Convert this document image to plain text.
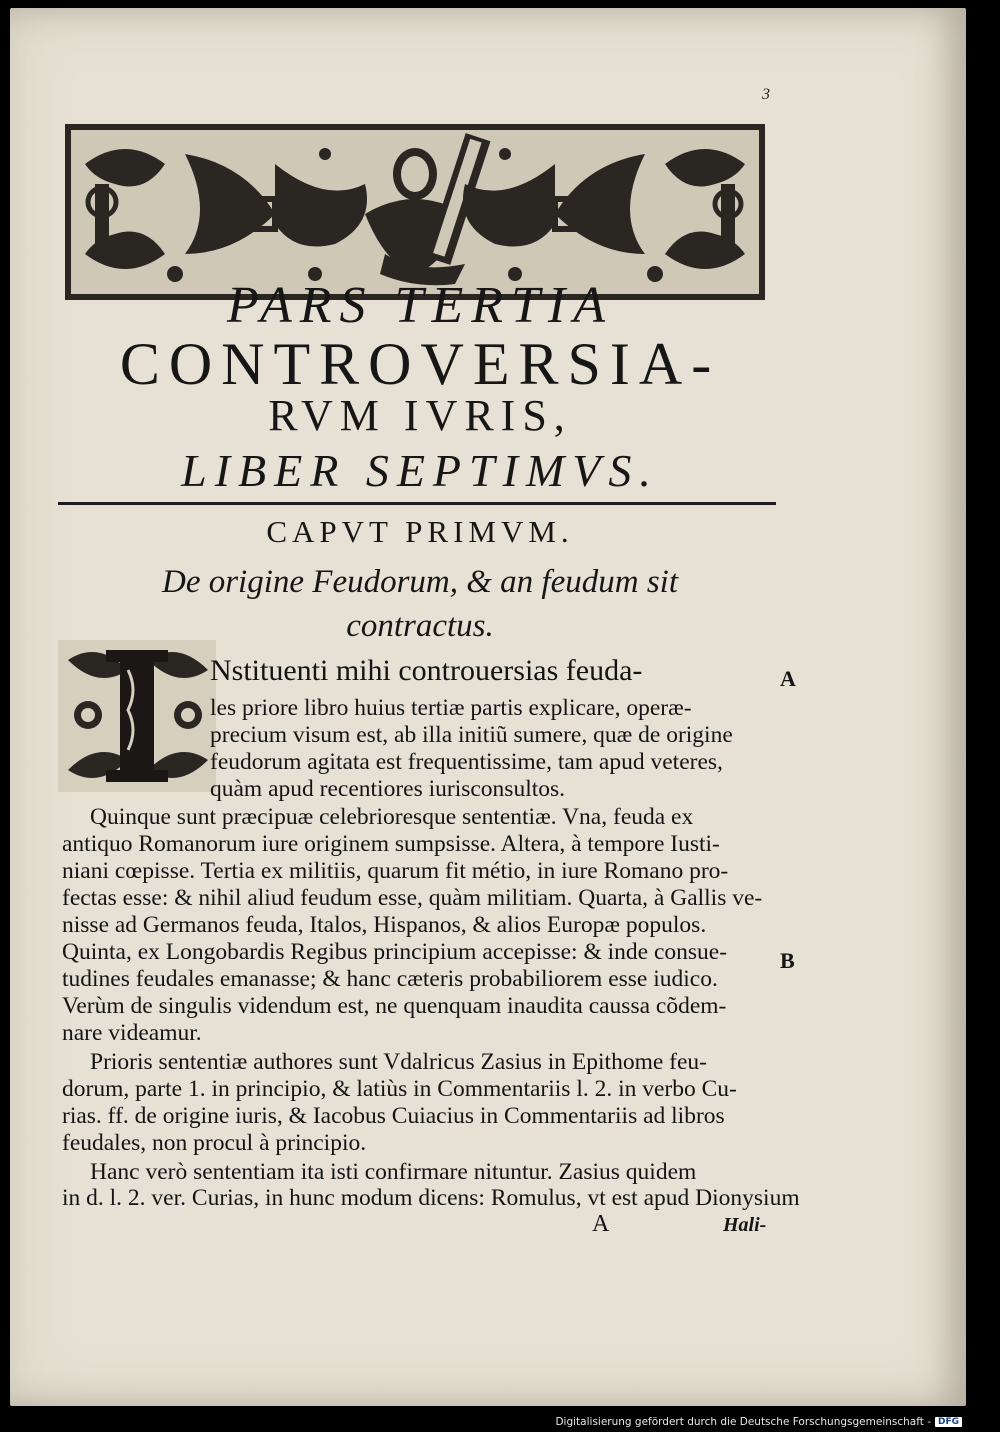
3
PARS TERTIA
CONTROVERSIA-
RVM IVRIS,
LIBER SEPTIMVS.
CAPVT PRIMVM.
De origine Feudorum, & an feudum sit
contractus.
Nstituenti mihi controuersias feuda-
les priore libro huius tertiæ partis explicare, operæ-
precium visum est, ab illa initiũ sumere, quæ de origine
feudorum agitata est frequentissime, tam apud veteres,
quàm apud recentiores iurisconsultos.
Quinque sunt præcipuæ celebrioresque sententiæ. Vna, feuda ex
antiquo Romanorum iure originem sumpsisse. Altera, à tempore Iusti-
niani cœpisse. Tertia ex militiis, quarum fit métio, in iure Romano pro-
fectas esse: & nihil aliud feudum esse, quàm militiam. Quarta, à Gallis ve-
nisse ad Germanos feuda, Italos, Hispanos, & alios Europæ populos.
Quinta, ex Longobardis Regibus principium accepisse: & inde consue-
tudines feudales emanasse; & hanc cæteris probabiliorem esse iudico.
Verùm de singulis videndum est, ne quenquam inaudita caussa cõdem-
nare videamur.
Prioris sententiæ authores sunt Vdalricus Zasius in Epithome feu-
dorum, parte 1. in principio, & latiùs in Commentariis l. 2. in verbo Cu-
rias. ff. de origine iuris, & Iacobus Cuiacius in Commentariis ad libros
feudales, non procul à principio.
Hanc verò sententiam ita isti confirmare nituntur. Zasius quidem
in d. l. 2. ver. Curias, in hunc modum dicens: Romulus, vt est apud Dionysium
A
B
A	Hali-
Digitalisierung gefördert durch die Deutsche Forschungsgemeinschaft - DFG
